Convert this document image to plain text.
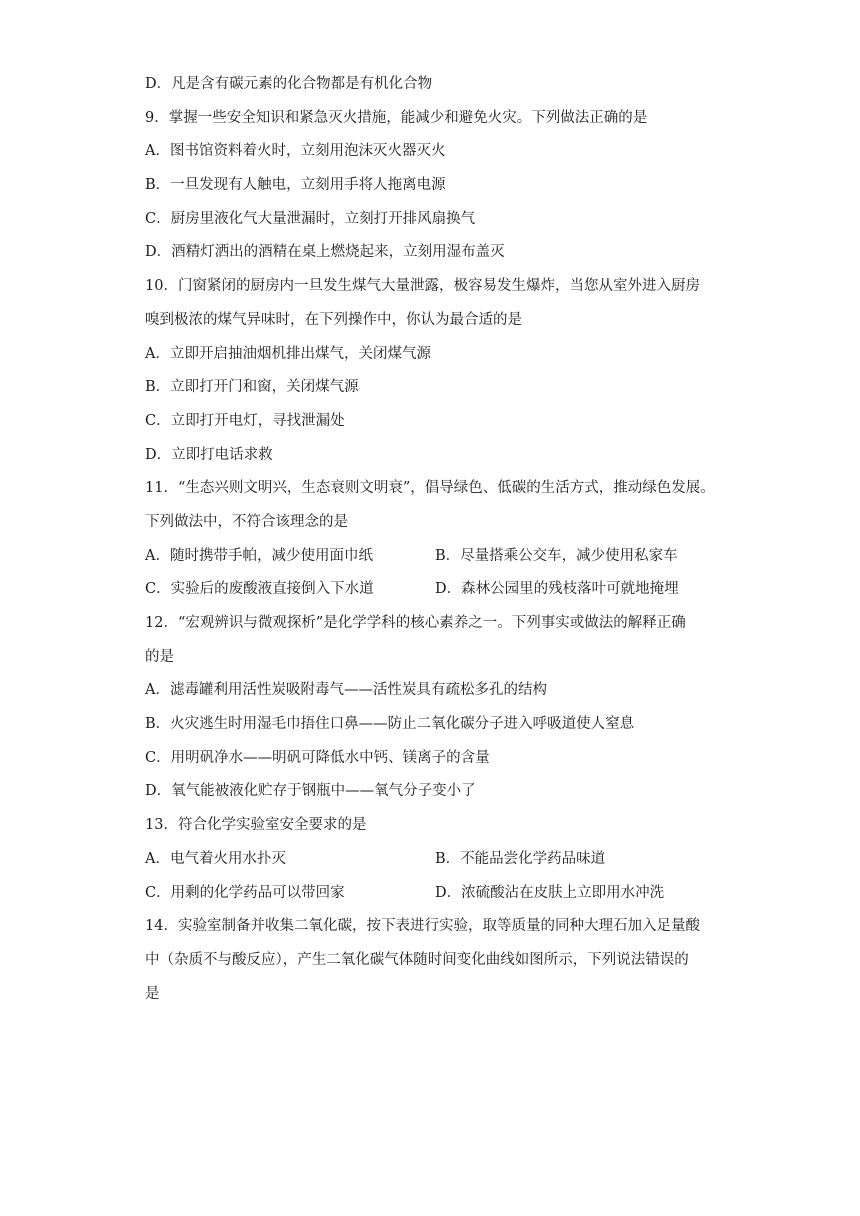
D．凡是含有碳元素的化合物都是有机化合物
9．掌握一些安全知识和紧急灭火措施，能减少和避免火灾。下列做法正确的是
A．图书馆资料着火时，立刻用泡沫灭火器灭火
B．一旦发现有人触电，立刻用手将人拖离电源
C．厨房里液化气大量泄漏时，立刻打开排风扇换气
D．酒精灯洒出的酒精在桌上燃烧起来，立刻用湿布盖灭
10．门窗紧闭的厨房内一旦发生煤气大量泄露，极容易发生爆炸，当您从室外进入厨房
嗅到极浓的煤气异味时，在下列操作中，你认为最合适的是
A．立即开启抽油烟机排出煤气，关闭煤气源
B．立即打开门和窗，关闭煤气源
C．立即打开电灯，寻找泄漏处
D．立即打电话求救
11．“生态兴则文明兴，生态衰则文明衰”，倡导绿色、低碳的生活方式，推动绿色发展。
下列做法中，不符合该理念的是
A．随时携带手帕，减少使用面巾纸	B．尽量搭乘公交车，减少使用私家车
C．实验后的废酸液直接倒入下水道	D．森林公园里的残枝落叶可就地掩埋
12．“宏观辨识与微观探析”是化学学科的核心素养之一。下列事实或做法的解释正确
的是
A．滤毒罐利用活性炭吸附毒气——活性炭具有疏松多孔的结构
B．火灾逃生时用湿毛巾捂住口鼻——防止二氧化碳分子进入呼吸道使人窒息
C．用明矾净水——明矾可降低水中钙、镁离子的含量
D．氧气能被液化贮存于钢瓶中——氧气分子变小了
13．符合化学实验室安全要求的是
A．电气着火用水扑灭	B．不能品尝化学药品味道
C．用剩的化学药品可以带回家	D．浓硫酸沾在皮肤上立即用水冲洗
14．实验室制备并收集二氧化碳，按下表进行实验，取等质量的同种大理石加入足量酸
中（杂质不与酸反应），产生二氧化碳气体随时间变化曲线如图所示，下列说法错误的
是
